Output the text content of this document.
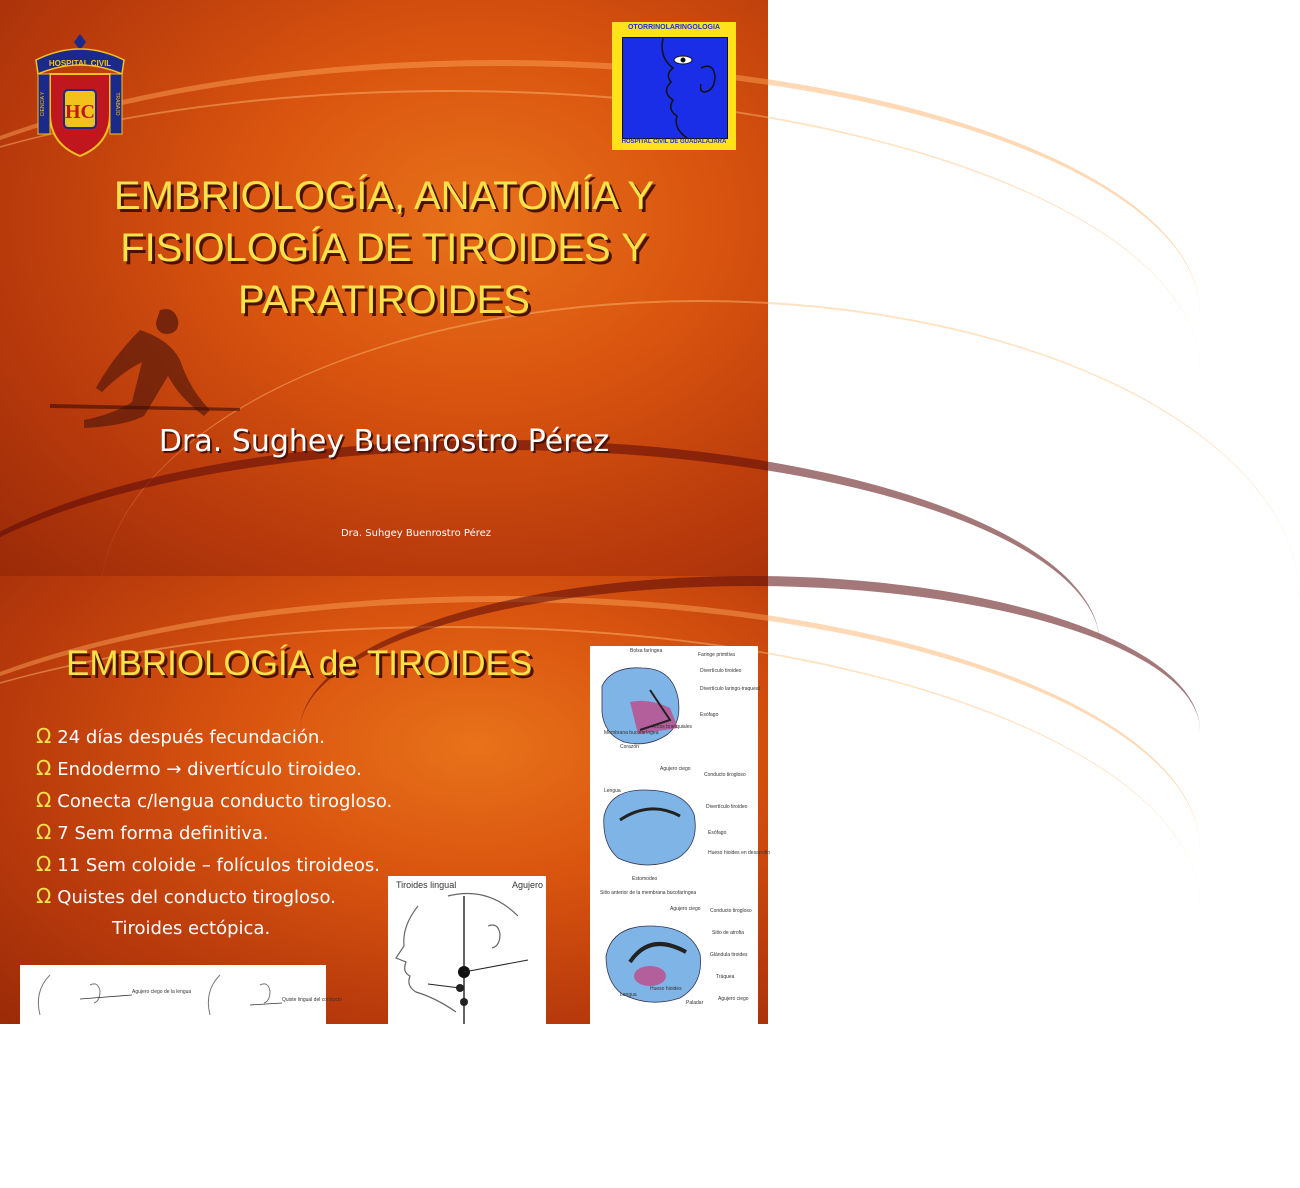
HOSPITAL CIVIL
CIENCIA Y	TRABAJO
HC
OTORRINOLARINGOLOGIA
HOSPITAL CIVIL DE GUADALAJARA
EMBRIOLOGÍA, ANATOMÍA Y
FISIOLOGÍA DE TIROIDES Y
PARATIROIDES
Dra. Sughey Buenrostro Pérez
Dra. Suhgey Buenrostro Pérez
EMBRIOLOGÍA de TIROIDES
Ω 24 días después fecundación.
Ω Endodermo → divertículo tiroideo.
Ω Conecta c/lengua conducto tirogloso.
Ω 7 Sem forma definitiva.
Ω 11 Sem coloide – folículos tiroideos.
Ω Quistes del conducto tirogloso.
Tiroides ectópica.
Bolsa faríngea
Faringe primitiva
Divertículo tiroideo
Divertículo laringo-traqueal
Esófago
Arcos branquiales
Membrana bucofaríngea
Corazón
Agujero ciego
Conducto tirogloso
Lengua
Divertículo tiroideo
Esófago
Hueso hioides en desarrollo
Estomodeo
Sitio anterior de la membrana bucofaríngea
Agujero ciego Conducto tirogloso
Sitio de atrofia
Glándula tiroides
Tráquea
Lengua
Hueso hioides
Paladar
Agujero ciego
Tiroides lingual	Agujero
Agujero ciego de la lengua
Quiste lingual del conducto
